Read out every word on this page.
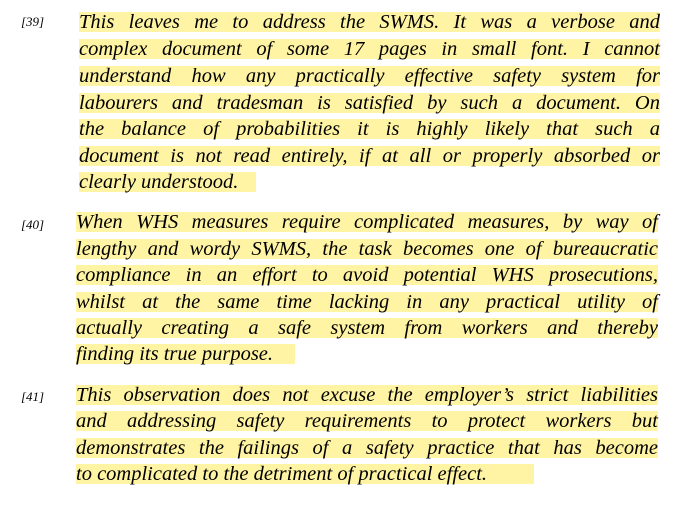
[39] This leaves me to address the SWMS. It was a verbose and
complex document of some 17 pages in small font. I cannot
understand how any practically effective safety system for
labourers and tradesman is satisfied by such a document. On
the balance of probabilities it is highly likely that such a
document is not read entirely, if at all or properly absorbed or
clearly understood.
[40] When WHS measures require complicated measures, by way of
lengthy and wordy SWMS, the task becomes one of bureaucratic
compliance in an effort to avoid potential WHS prosecutions,
whilst at the same time lacking in any practical utility of
actually creating a safe system from workers and thereby
finding its true purpose.
[41] This observation does not excuse the employer’s strict liabilities
and addressing safety requirements to protect workers but
demonstrates the failings of a safety practice that has become
to complicated to the detriment of practical effect.
